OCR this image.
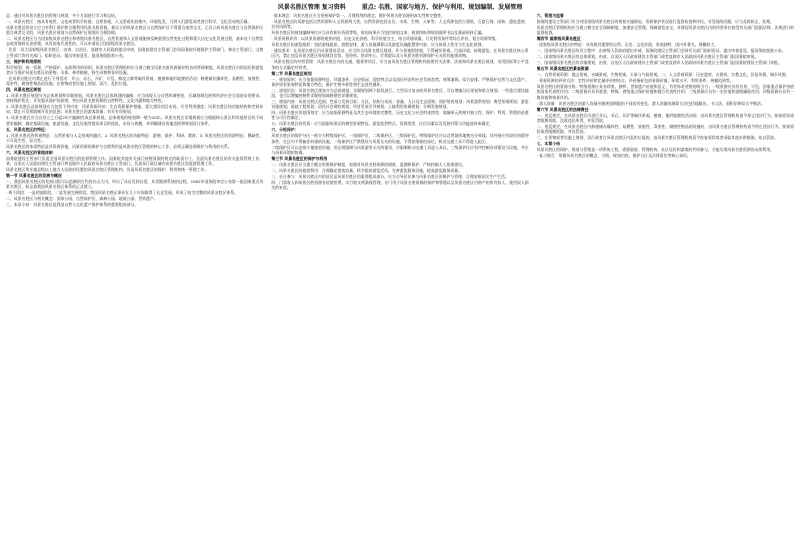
风景名胜区管理 复习资料	重点: 名胜、国家与地方、保护与利用、规划编制、发展管理

总：通过对风景名胜区的管理与规划，多个方面进行学习和总结。

一、风景名胜区：指具有观赏、文化或者科学价值，自然景观、人文景观比较集中，环境优美，可供人们游览或者进行科学、文化活动的区域。

风景名胜区的设立应当有利于保护和合理利用风景名胜资源。新设立的风景名胜区与自然保护区不得重合或者交叉；已设立的风景名胜区与自然保护区重合或者交叉的，风景名胜区规划与自然保护区规划应当相协调。

二、风景名胜区分为国家级风景名胜区和省级风景名胜区。自然景观和人文景观能够反映重要自然变化过程和重大历史文化发展过程，基本处于自然状态或者保持历史原貌，具有国家代表性的，可以申请设立国家级风景名胜区。

· 注意：设立国家级风景名胜区，由省、自治区、直辖市人民政府提出申请，国务院建设主管部门会同国务院环境保护主管部门、林业主管部门、文物主管部门等有关部门，组织论证，提出审查意见，报国务院批准公布。

三、保护和利用原则

科学规划、统一管理、严格保护、永续利用的原则。风景名胜区管理机构应当建立健全风景名胜资源保护的各项管理制度。风景名胜区内的居民和游览者应当保护风景名胜区的景物、水体、林草植被、野生动物和各项设施。

· 在风景名胜区内禁止进行下列活动：开山、采石、开矿、开荒、修坟立碑等破坏景观、植被和地形地貌的活动；修建储存爆炸性、易燃性、放射性、毒害性、腐蚀性物品的设施；在景物或者设施上刻划、涂污；乱扔垃圾。

四、风景名胜区规划

1. 风景名胜区规划分为总体规划和详细规划。风景名胜区总体规划的编制，应当体现人与自然和谐相处、区域协调发展和经济社会全面进步的要求，坚持保护优先、开发服从保护的原则，突出风景名胜资源的自然特性、文化内涵和地方特色。

2. 风景名胜区总体规划应当包括下列内容：风景资源评价；生态资源保护措施、重大建设项目布局、开发利用强度；风景名胜区的功能结构和空间布局；禁止开发和限制开发的范围；风景名胜区的游客容量；有关专项规划。

3. 风景名胜区应当自设立之日起2年内编制完成总体规划。总体规划的规划期一般为20年。风景名胜区详细规划应当根据核心景区和其他景区的不同要求编制，确定基础设施、旅游设施、文化设施等建设项目的选址、布局与规模，并明确建设用地范围和规划设计条件。

五、风景名胜区的特征：

1. 风景名胜区的景观特征：自然景观与人文景观的融合；2. 风景名胜区的功能特征：游憩、保护、科研、教育；3. 风景名胜区的资源特征：稀缺性、不可再生性、综合性。

风景名胜区的本质特征是其资源价值，风景资源的保护与合理利用是风景名胜区管理的核心工作，必须正确处理保护与利用的关系。

六、风景名胜区的管理体制

国务院建设主管部门负责全国风景名胜区的监督管理工作。国务院其他有关部门按照国务院规定的职责分工，负责风景名胜区的有关监督管理工作。省、自治区人民政府建设主管部门和直辖市人民政府风景名胜区主管部门，负责本行政区域内风景名胜区的监督管理工作。

风景名胜区所在地县级以上地方人民政府设置的风景名胜区管理机构，负责风景名胜区的保护、利用和统一管理工作。

第一节 风景名胜区的发展与概况

一、我国风景名胜区的发展历程可以追溯到古代的名山大川，经历了从自发到自觉、从零散到系统的过程。1982年国务院审定公布第一批国家重点风景名胜区，标志着我国风景名胜区体系的正式建立。

· 两个阶段：一是初创阶段，二是发展完善阶段。我国风景名胜区事业在几十年间取得了长足发展，形成了较为完整的风景名胜区体系。

二、风景名胜区与相关概念：国家公园、自然保护区、森林公园、地质公园、世界遗产。

三、本章小结：风景名胜区是我国自然与文化遗产保护体系的重要组成部分。

· 基本理念：风景名胜区应当坚持保护第一、合理利用的理念，维护风景名胜资源的真实性和完整性。

· 风景名胜区的资源包括自然资源和人文资源两大类。自然资源包括山岳、水体、生物、天象等；人文资源包括古建筑、石窟石刻、园林、遗址遗迹、民俗风情等。

风景名胜区的规划编制单位应当具有相应资质等级，规划成果应当包括规划文本、规划图纸和规划说明书以及基础资料汇编。

· 风景资源评价：以风景资源的观赏价值、历史文化价值、科学价值为主，结合环境质量、开发利用条件等综合评价，划分资源等级。

风景名胜区的游览组织：包括游线组织、游程安排、游人容量测算以及游览设施配置等内容，应当体现人性化与生态化原则。

· 建设要求：在风景名胜区内从事建设活动，应当符合风景名胜区规划，并与景观相协调，不得破坏景观、污染环境、妨碍游览。在风景名胜区核心景区内，禁止违反风景名胜区规划建设宾馆、招待所、培训中心、疗养院以及与风景名胜资源保护无关的其他建筑物。

· 风景名胜区的经营管理：风景名胜区内的交通、服务等项目，应当由风景名胜区管理机构依照有关法律、法规和风景名胜区规划，采用招标等公平竞争的方式确定经营者。

第二节 风景名胜区规划

一、规划原则：应当依据资源特征、环境条件、历史情况、现状特点以及国民经济和社会发展趋势，统筹兼顾，综合安排。严格保护自然与文化遗产，保护原有景观特征和地方特色，维护生物多样性和生态良性循环。

二、规划层次：风景名胜区规划分为总体规划、详细规划两个阶段进行。大型而又复杂的风景名胜区，可以增编分区规划和景点规划。一些重点建设地段，也可以增编控制性详细规划或修建性详细规划。

三、规划内容：风景名胜区范围、性质与发展目标；分区、结构与布局；容量、人口及生态原则；保护培育规划；风景游赏规划；典型景观规划；游览设施规划；基础工程规划；居民社会调控规划；经济发展引导规划；土地利用协调规划；分期发展规划。

四、风景名胜区的范围划定：应当依据景源特征及其生态环境的完整性、历史文化与社会的连续性、地域单元的相对独立性、保护、利用、管理的必要性与可行性确定。

五、风景名胜区的性质：应当依据风景区的典型景观特征、游览欣赏特点、资源类型、区位因素以及发展对策与功能选择来确定。

六、分级保护：

风景名胜区的保护分区一般分为特级保护区、一级保护区、二级保护区、三级保护区。特级保护区应以自然地形地物为分界线，其外围应有较好的缓冲条件，在区内不得搞任何建筑设施。一级保护区严禁建设与风景无关的设施，不得安排旅宿床位，机动交通工具不得进入此区。

二级保护区可以安排少量旅宿设施，但必须限制与风景游赏无关的建设，应限制机动交通工具进入本区。三级保护区应有序控制各项建设与设施，并应与风景环境相协调。

第三节 风景名胜区的保护与利用

一、风景名胜区应当建立健全资源保护制度，加强对风景名胜资源的调查、监测和保护，严格控制人工景观建设。

二、风景名胜区的旅游利用：合理确定游客容量，科学组织游览活动，完善游览服务设施，提高游览服务质量。

三、社区参与：风景名胜区内的居民是风景名胜区的重要组成部分，应当引导居民参与风景名胜区的保护与管理，合理安排居民生产生活。

四、门票收入和风景名胜资源有偿使用费，实行收支两条线管理，专门用于风景名胜资源的保护和管理以及风景名胜区内财产的所有权人、使用权人损失的补偿。

六、管理与监督

国务院建设主管部门应当对国家级风景名胜区的规划实施情况、资源保护状况进行监督检查和评估。对发现的问题，应当及时纠正、处理。

风景名胜区管理机构应当建立健全安全保障制度，加强安全管理，保障游览安全，并督促风景名胜区内的经营单位接受有关部门依据法律、法规进行的监督检查。

第四节 国家级风景名胜区

· 国家级风景名胜区的特征：具有极其重要的自然、历史、文化价值，景观独特，国内外著名，规模较大。

一、国家级风景名胜区的设立程序：由省级人民政府提出申请，国务院建设主管部门会同有关部门组织论证，提出审查意见，报国务院批准公布。

二、国家级风景名胜区的总体规划，由省、自治区人民政府建设主管部门或者直辖市人民政府风景名胜区主管部门报国务院审批。

三、国家级风景名胜区的详细规划，由省、自治区人民政府建设主管部门或者直辖市人民政府风景名胜区主管部门报国务院建设主管部门审批。

第五节 风景名胜区的景观资源

一、自然景观资源：地文景观、水域景观、生物景观、天象与气候景观。二、人文景观资源：历史遗迹、古建筑、宗教文化、民俗风情、城乡风貌。

· 景观资源的评价方法：定性评价和定量评价相结合。评价指标包括景源价值、环境水平、利用条件、规模范围等。

风景名胜区的景源分级：特级景源应具有珍贵、独特、世界遗产价值和意义，有世界奇迹般的吸引力；一级景源应具有名贵、罕见、国家重点保护价值和国家代表性作用；二级景源应具有重要、特殊、省级重点保护价值和地方代表性作用；三级景源应具有一定价值和游线辅助作用；四级景源应具有一般价值和构景作用。

· 游人容量：风景名胜区的游人容量应随规划期限的不同而有变化。游人容量的测算方法包括线路法、卡口法、面积法和综合平衡法。

第六节 风景名胜区的法律责任

一、违反规定，在风景名胜区内进行开山、采石、开矿等破坏景观、植被、地形地貌的活动的，由风景名胜区管理机构责令停止违法行为、恢复原状或者限期拆除，没收违法所得，并处罚款。

二、违反规定，在风景名胜区内修建储存爆炸性、易燃性、放射性、毒害性、腐蚀性物品的设施的，由风景名胜区管理机构责令停止违法行为、恢复原状或者限期拆除，并处罚款。

三、在景物或者设施上刻划、涂污或者在风景名胜区内乱扔垃圾的，由风景名胜区管理机构责令恢复原状或者采取其他补救措施，处以罚款。

七、本章小结

风景名胜区的保护、规划与管理是一项系统工程，需要政府、管理机构、社区居民和游客的共同参与，才能实现风景名胜资源的永续利用。

· 复习要点：掌握风景名胜区的概念、分级、规划内容、保护分区及法律责任等核心知识。
